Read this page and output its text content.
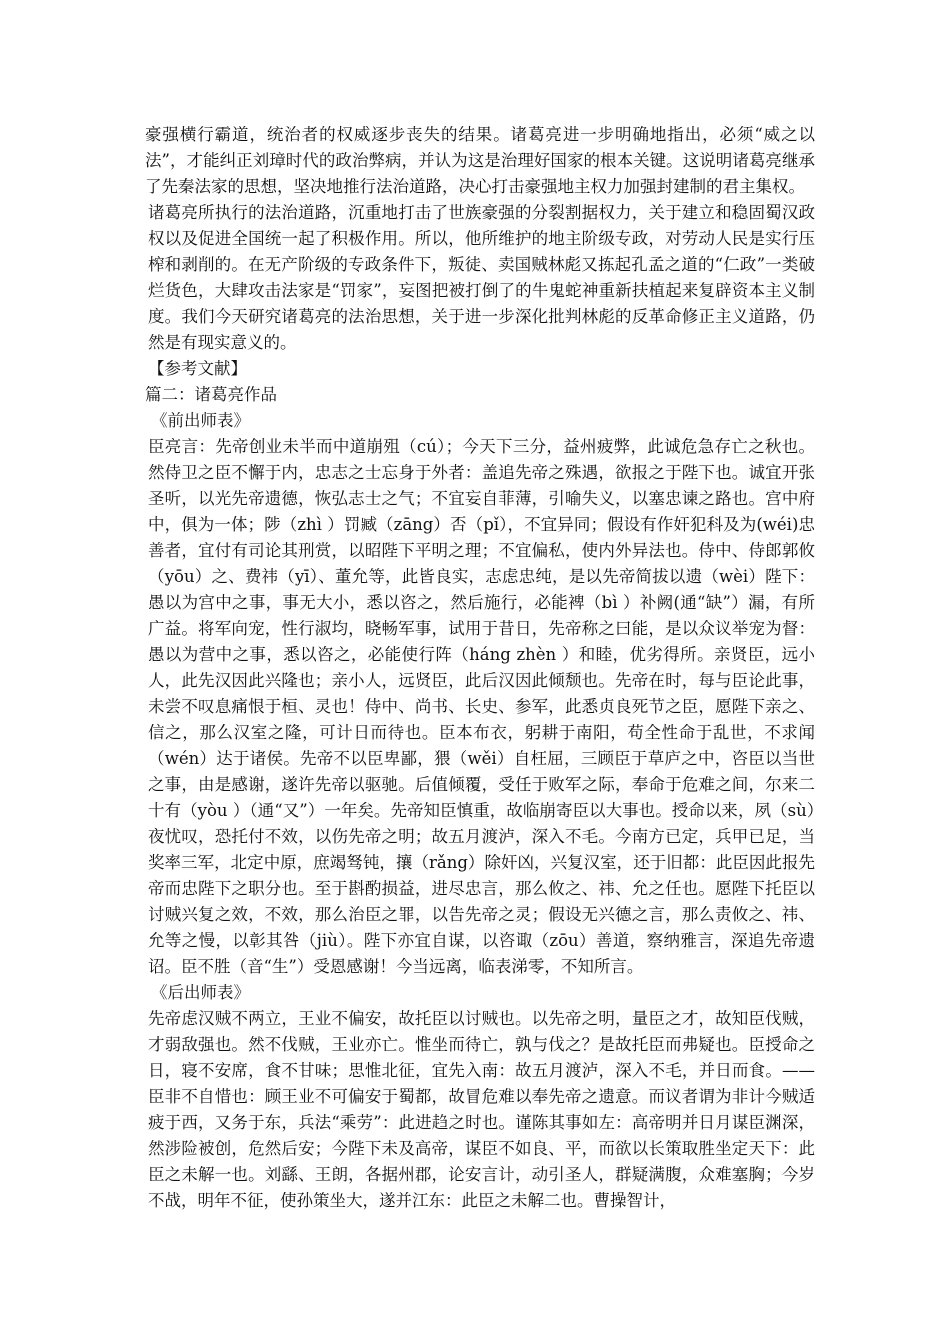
豪强横行霸道，统治者的权威逐步丧失的结果。诸葛亮进一步明确地指出，必须“威之以法”，才能纠正刘璋时代的政治弊病，并认为这是治理好国家的根本关键。这说明诸葛亮继承了先秦法家的思想，坚决地推行法治道路，决心打击豪强地主权力加强封建制的君主集权。

诸葛亮所执行的法治道路，沉重地打击了世族豪强的分裂割据权力，关于建立和稳固蜀汉政权以及促进全国统一起了积极作用。所以，他所维护的地主阶级专政，对劳动人民是实行压榨和剥削的。在无产阶级的专政条件下，叛徒、卖国贼林彪又拣起孔孟之道的“仁政”一类破烂货色，大肆攻击法家是“罚家”，妄图把被打倒了的牛鬼蛇神重新扶植起来复辟资本主义制度。我们今天研究诸葛亮的法治思想，关于进一步深化批判林彪的反革命修正主义道路，仍然是有现实意义的。

【参考文献】

篇二：诸葛亮作品

《前出师表》

臣亮言：先帝创业未半而中道崩殂（cú）；今天下三分，益州疲弊，此诚危急存亡之秋也。然侍卫之臣不懈于内，忠志之士忘身于外者：盖追先帝之殊遇，欲报之于陛下也。诚宜开张圣听，以光先帝遗德，恢弘志士之气；不宜妄自菲薄，引喻失义，以塞忠谏之路也。宫中府中，俱为一体；陟（zhì ）罚臧（zāng）否（pǐ），不宜异同；假设有作奸犯科及为(wéi)忠善者，宜付有司论其刑赏，以昭陛下平明之理；不宜偏私，使内外异法也。侍中、侍郎郭攸（yōu）之、费祎（yī）、董允等，此皆良实，志虑忠纯，是以先帝简拔以遗（wèi）陛下：愚以为宫中之事，事无大小，悉以咨之，然后施行，必能裨（bì ）补阙(通“缺”）漏，有所广益。将军向宠，性行淑均，晓畅军事，试用于昔日，先帝称之曰能，是以众议举宠为督：愚以为营中之事，悉以咨之，必能使行阵（háng zhèn ）和睦，优劣得所。亲贤臣，远小人，此先汉因此兴隆也；亲小人，远贤臣，此后汉因此倾颓也。先帝在时，每与臣论此事，未尝不叹息痛恨于桓、灵也！侍中、尚书、长史、参军，此悉贞良死节之臣，愿陛下亲之、信之，那么汉室之隆，可计日而待也。臣本布衣，躬耕于南阳，苟全性命于乱世，不求闻（wén）达于诸侯。先帝不以臣卑鄙，猥（wěi）自枉屈，三顾臣于草庐之中，咨臣以当世之事，由是感谢，遂许先帝以驱驰。后值倾覆，受任于败军之际，奉命于危难之间，尔来二十有（yòu ）（通“又”）一年矣。先帝知臣慎重，故临崩寄臣以大事也。授命以来，夙（sù）夜忧叹，恐托付不效，以伤先帝之明；故五月渡泸，深入不毛。今南方已定，兵甲已足，当奖率三军，北定中原，庶竭驽钝，攘（rǎng）除奸凶，兴复汉室，还于旧都：此臣因此报先帝而忠陛下之职分也。至于斟酌损益，进尽忠言，那么攸之、祎、允之任也。愿陛下托臣以讨贼兴复之效，不效，那么治臣之罪，以告先帝之灵；假设无兴德之言，那么责攸之、祎、允等之慢，以彰其咎（jiù）。陛下亦宜自谋，以咨诹（zōu）善道，察纳雅言，深追先帝遗诏。臣不胜（音“生”）受恩感谢！今当远离，临表涕零，不知所言。

《后出师表》

先帝虑汉贼不两立，王业不偏安，故托臣以讨贼也。以先帝之明，量臣之才，故知臣伐贼，才弱敌强也。然不伐贼，王业亦亡。惟坐而待亡，孰与伐之？是故托臣而弗疑也。臣授命之日，寝不安席，食不甘味；思惟北征，宜先入南：故五月渡泸，深入不毛，并日而食。——臣非不自惜也：顾王业不可偏安于蜀都，故冒危难以奉先帝之遗意。而议者谓为非计今贼适疲于西，又务于东，兵法“乘劳”：此进趋之时也。谨陈其事如左：高帝明并日月谋臣渊深，然涉险被创，危然后安；今陛下未及高帝，谋臣不如良、平，而欲以长策取胜坐定天下：此臣之未解一也。刘繇、王朗，各据州郡，论安言计，动引圣人，群疑满腹，众难塞胸；今岁不战，明年不征，使孙策坐大，遂并江东：此臣之未解二也。曹操智计，
